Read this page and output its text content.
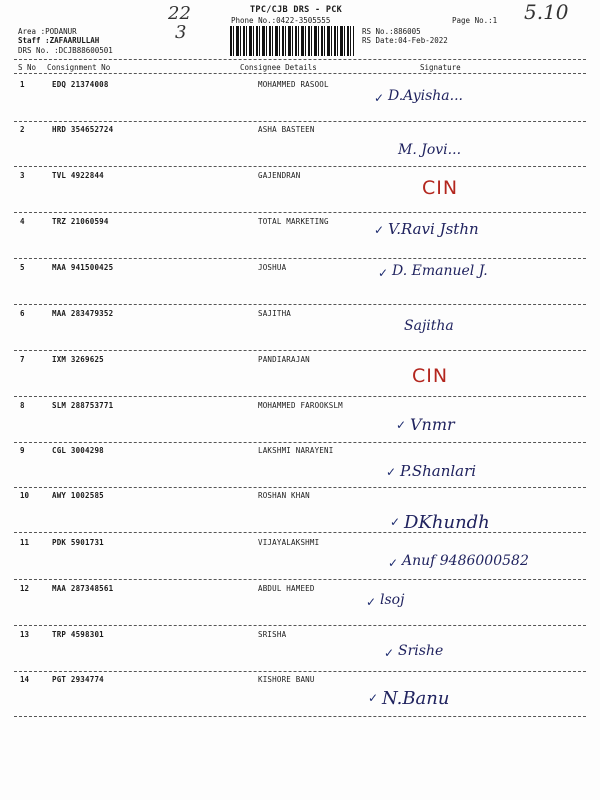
22
3
5.10
TPC/CJB DRS - PCK
Phone No.:0422-3505555	Page No.:1
RS No.:886005
RS Date:04-Feb-2022
Area :PODANUR
Staff :ZAFAARULLAH
DRS No. :DCJB88600501
S No Consignment No	Consignee Details	Signature
1	EDQ 21374008	MOHAMMED RASOOL
✓ D.Ayisha...
2	HRD 354652724	ASHA BASTEEN
M. Jovi...
3	TVL 4922844	GAJENDRAN
CIN
4	TRZ 21060594	TOTAL MARKETING
✓ V.Ravi Jsthn
5	MAA 941500425	JOSHUA	✓ D. Emanuel J.
6	MAA 283479352	SAJITHA
Sajitha
7	IXM 3269625	PANDIARAJAN
CIN
8	SLM 288753771	MOHAMMED FAROOKSLM
✓ Vnmr
9	CGL 3004298	LAKSHMI NARAYENI
✓ P.Shanlari
10	AWY 1002585	ROSHAN KHAN
✓ DKhundh
11	PDK 5901731	VIJAYALAKSHMI
✓ Anuf 9486000582
12	MAA 287348561	ABDUL HAMEED
✓ lsoj
13	TRP 4598301	SRISHA
✓ Srishe
14	PGT 2934774	KISHORE BANU
✓ N.Banu
